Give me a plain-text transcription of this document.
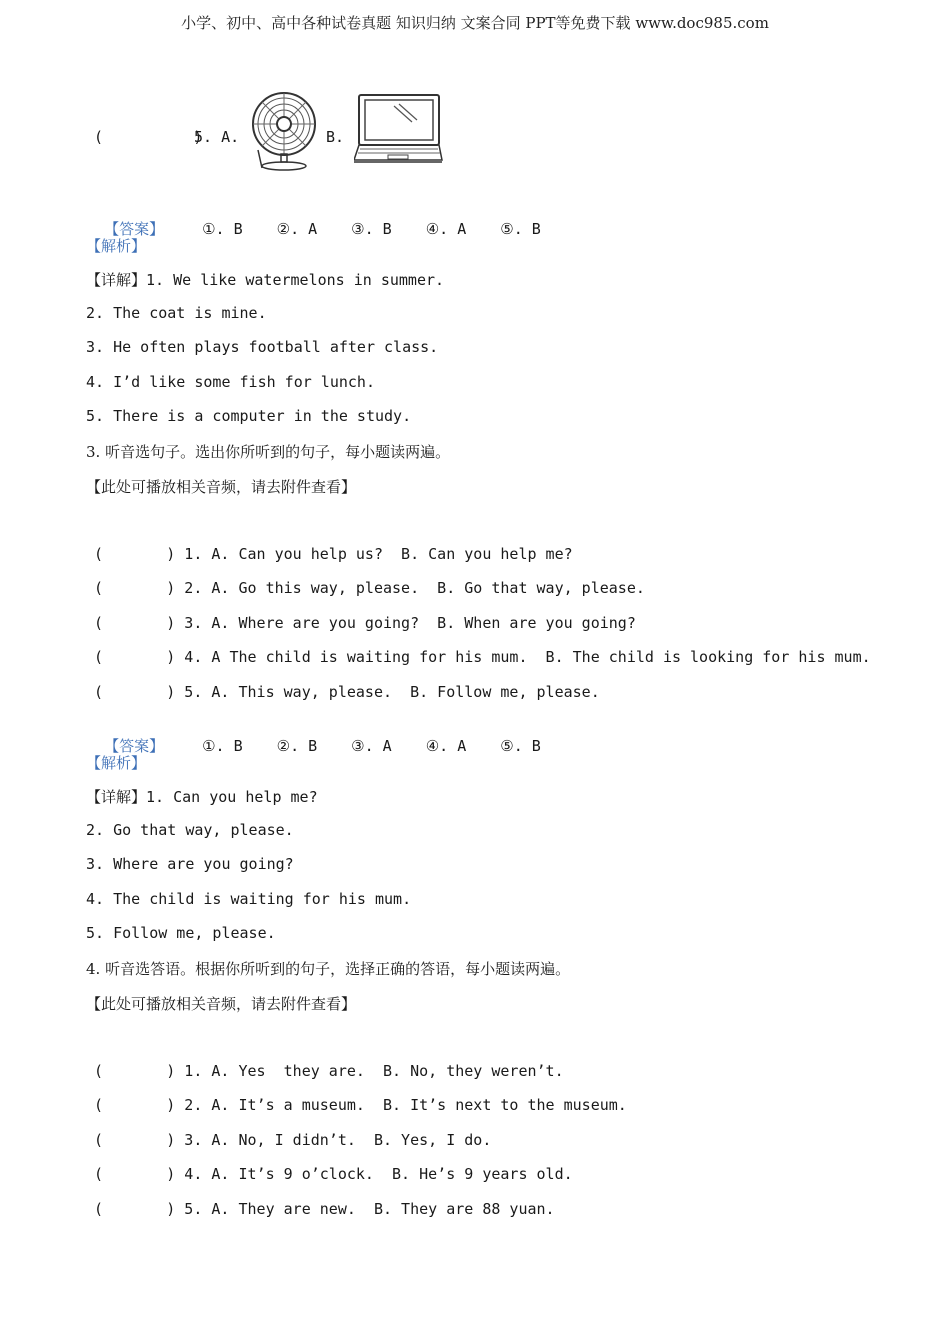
小学、初中、高中各种试卷真题 知识归纳 文案合同 PPT等免费下载 www.doc985.com
(          )
5. A.	B.

【答案】	①. B ②. A ③. B ④. A ⑤. B

【解析】
【详解】1. We like watermelons in summer.
2. The coat is mine.
3. He often plays football after class.
4. I’d like some fish for lunch.
5. There is a computer in the study.
3. 听音选句子。选出你所听到的句子，每小题读两遍。
【此处可播放相关音频，请去附件查看】
(       ) 1. A. Can you help us?  B. Can you help me?
(       ) 2. A. Go this way, please.  B. Go that way, please.
(       ) 3. A. Where are you going?  B. When are you going?
(       ) 4. A The child is waiting for his mum.  B. The child is looking for his mum.
(       ) 5. A. This way, please.  B. Follow me, please.

【答案】	①. B ②. B ③. A ④. A ⑤. B

【解析】
【详解】1. Can you help me?
2. Go that way, please.
3. Where are you going?
4. The child is waiting for his mum.
5. Follow me, please.
4. 听音选答语。根据你所听到的句子，选择正确的答语，每小题读两遍。
【此处可播放相关音频，请去附件查看】
(       ) 1. A. Yes  they are.  B. No, they weren’t.
(       ) 2. A. It’s a museum.  B. It’s next to the museum.
(       ) 3. A. No, I didn’t.  B. Yes, I do.
(       ) 4. A. It’s 9 o’clock.  B. He’s 9 years old.
(       ) 5. A. They are new.  B. They are 88 yuan.
